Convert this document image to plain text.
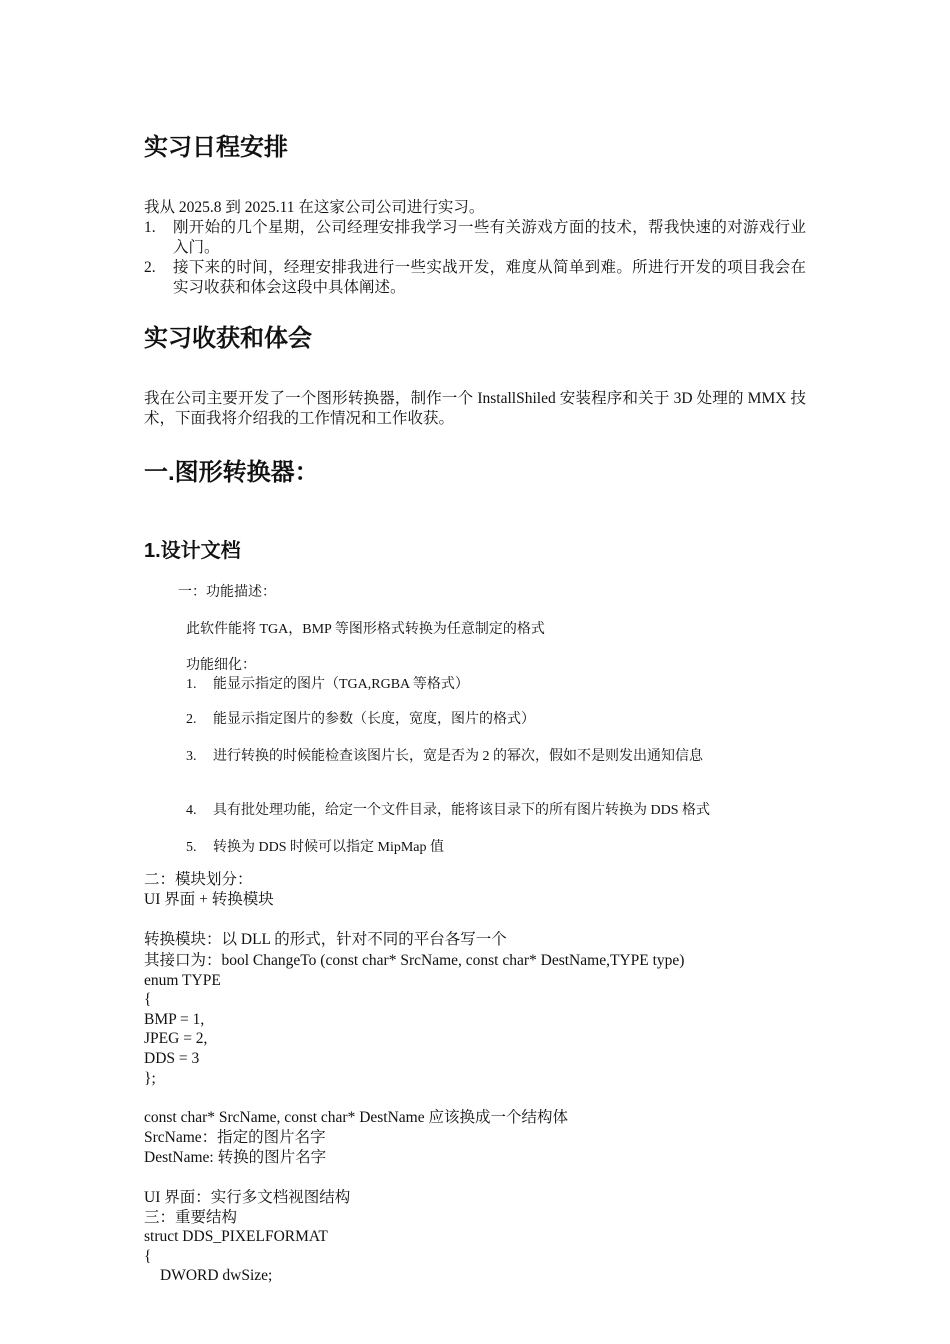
实习日程安排
我从 2025.8 到 2025.11 在这家公司公司进行实习。
1.	刚开始的几个星期，公司经理安排我学习一些有关游戏方面的技术，帮我快速的对游戏行业入门。
2.	接下来的时间，经理安排我进行一些实战开发，难度从简单到难。所进行开发的项目我会在实习收获和体会这段中具体阐述。
实习收获和体会
我在公司主要开发了一个图形转换器，制作一个 InstallShiled 安装程序和关于 3D 处理的 MMX 技术，下面我将介绍我的工作情况和工作收获。
一.图形转换器：
1.设计文档
一：功能描述：
此软件能将 TGA，BMP 等图形格式转换为任意制定的格式
功能细化：
1. 能显示指定的图片（TGA,RGBA 等格式）
2. 能显示指定图片的参数（长度，宽度，图片的格式）
3. 进行转换的时候能检查该图片长，宽是否为 2 的幂次，假如不是则发出通知信息
4. 具有批处理功能，给定一个文件目录，能将该目录下的所有图片转换为 DDS 格式
5. 转换为 DDS 时候可以指定 MipMap 值
二：模块划分：
UI 界面 + 转换模块
转换模块：以 DLL 的形式，针对不同的平台各写一个
其接口为：bool ChangeTo (const char* SrcName, const char* DestName,TYPE type)
enum TYPE
{
BMP = 1,
JPEG = 2,
DDS = 3
};
const char* SrcName, const char* DestName 应该换成一个结构体
SrcName：指定的图片名字
DestName: 转换的图片名字
UI 界面：实行多文档视图结构
三：重要结构
struct DDS_PIXELFORMAT
{
DWORD dwSize;
